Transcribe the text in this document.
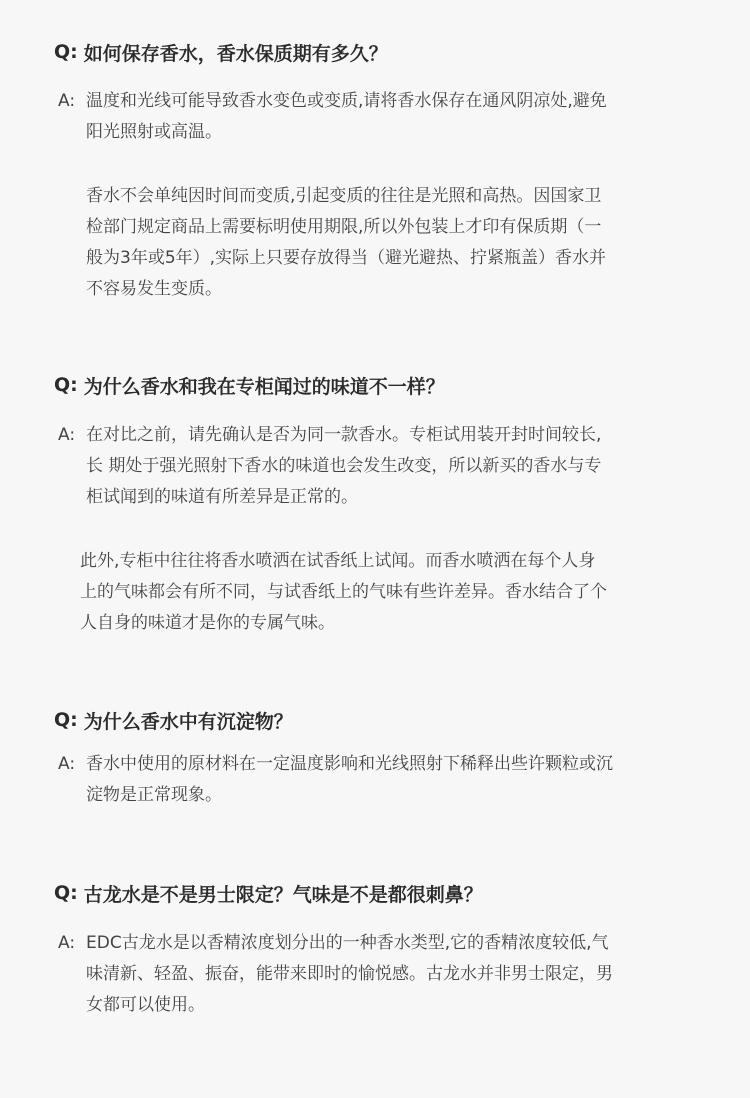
Q: 如何保存香水，香水保质期有多久？
A: 温度和光线可能导致香水变色或变质,请将香水保存在通风阴凉处,避免
阳光照射或高温。
香水不会单纯因时间而变质,引起变质的往往是光照和高热。因国家卫
检部门规定商品上需要标明使用期限,所以外包装上才印有保质期（一
般为3年或5年）,实际上只要存放得当（避光避热、拧紧瓶盖）香水并
不容易发生变质。
Q: 为什么香水和我在专柜闻过的味道不一样？
A: 在对比之前，请先确认是否为同一款香水。专柜试用装开封时间较长,
长 期处于强光照射下香水的味道也会发生改变，所以新买的香水与专
柜试闻到的味道有所差异是正常的。
此外,专柜中往往将香水喷洒在试香纸上试闻。而香水喷洒在每个人身
上的气味都会有所不同，与试香纸上的气味有些许差异。香水结合了个
人自身的味道才是你的专属气味。
Q: 为什么香水中有沉淀物？
A: 香水中使用的原材料在一定温度影响和光线照射下稀释出些许颗粒或沉
淀物是正常现象。
Q: 古龙水是不是男士限定？气味是不是都很刺鼻？
A: EDC古龙水是以香精浓度划分出的一种香水类型,它的香精浓度较低,气
味清新、轻盈、振奋，能带来即时的愉悦感。古龙水并非男士限定，男
女都可以使用。
